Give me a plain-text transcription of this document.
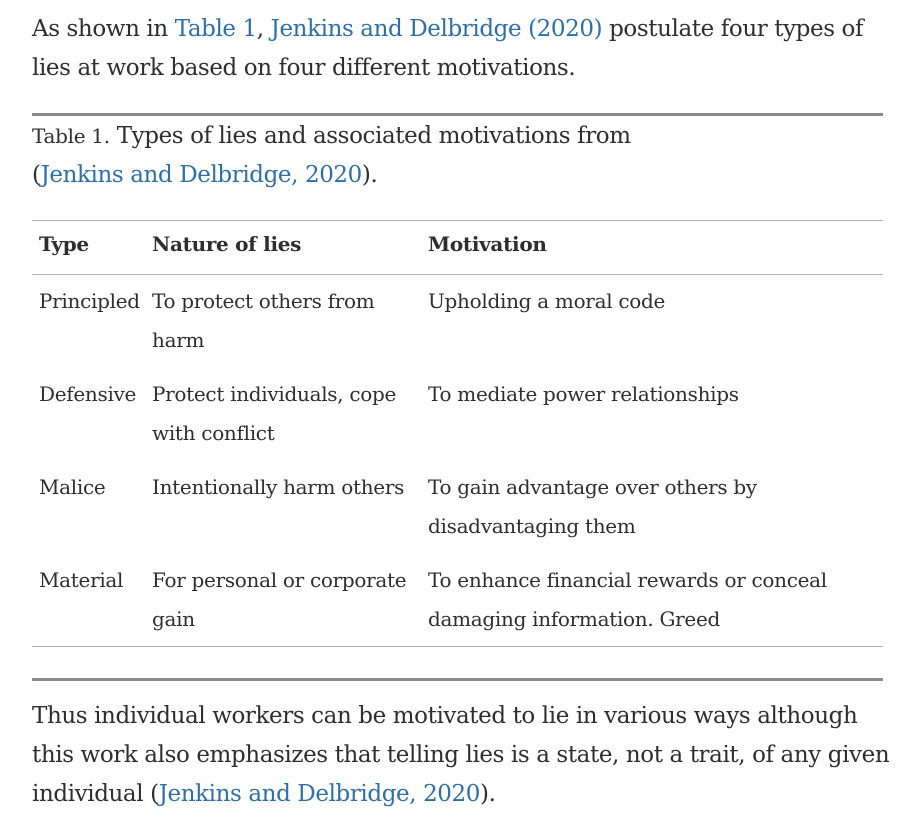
As shown in Table 1, Jenkins and Delbridge (2020) postulate four types of lies at work based on four different motivations.

Table 1. Types of lies and associated motivations from (Jenkins and Delbridge, 2020).
Type	Nature of lies	Motivation
Principled	To protect others from harm	Upholding a moral code
Defensive	Protect individuals, cope with conflict	To mediate power relationships
Malice	Intentionally harm others	To gain advantage over others by disadvantaging them
Material	For personal or corporate gain	To enhance financial rewards or conceal damaging information. Greed

Thus individual workers can be motivated to lie in various ways although this work also emphasizes that telling lies is a state, not a trait, of any given individual (Jenkins and Delbridge, 2020).
